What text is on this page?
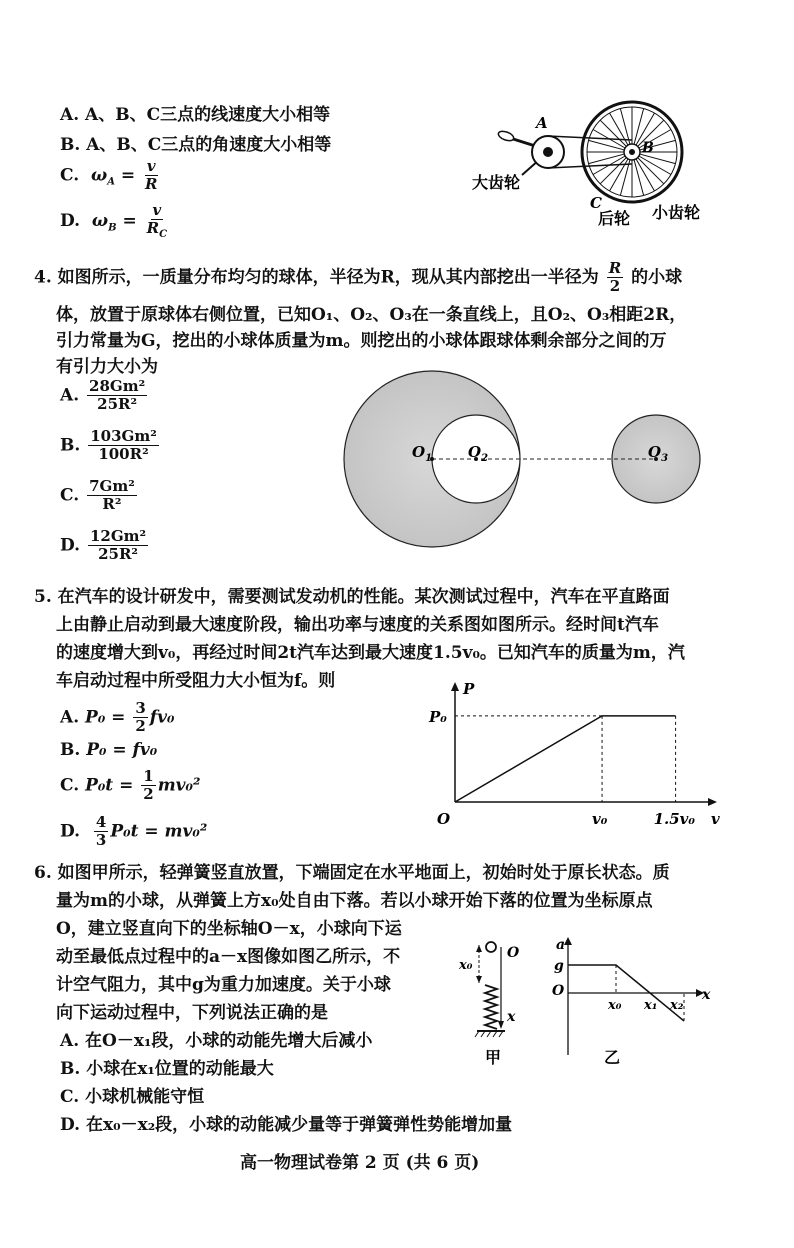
A. A、B、C三点的线速度大小相等
B. A、B、C三点的角速度大小相等
C. $\omega_A = \frac{v}{R}$
D. $\omega_B = \frac{v}{R_C}$
A
B
C
大齿轮
后轮 小齿轮
4. 如图所示，一质量分布均匀的球体，半径为R，现从其内部挖出一半径为 $\frac{R}{2}$ 的小球
体，放置于原球体右侧位置，已知O₁、O₂、O₃在一条直线上，且O₂、O₃相距2R，
引力常量为G，挖出的小球体质量为m。则挖出的小球体跟球体剩余部分之间的万
有引力大小为
A. $\frac{\text{28Gm²}}{\text{25R²}}$
B. $\frac{\text{103Gm²}}{\text{100R²}}$
C. $\frac{\text{7Gm²}}{\text{R²}}$
D. $\frac{\text{12Gm²}}{\text{25R²}}$
$O_1$ $O_2$	$O_3$
5. 在汽车的设计研发中，需要测试发动机的性能。某次测试过程中，汽车在平直路面
上由静止启动到最大速度阶段，输出功率与速度的关系图如图所示。经时间t汽车
的速度增大到v₀，再经过时间2t汽车达到最大速度1.5v₀。已知汽车的质量为m，汽
车启动过程中所受阻力大小恒为f。则
A. $P_0 = \frac{3}{2} fv_0$
B. P₀ = fv₀
C. $P_0t = \frac{1}{2} mv_0^2$
D. $\frac{4}{3} P_0t = mv_0^2$
P
v
O
P₀
v₀	1.5v₀
6. 如图甲所示，轻弹簧竖直放置，下端固定在水平地面上，初始时处于原长状态。质
量为m的小球，从弹簧上方x₀处自由下落。若以小球开始下落的位置为坐标原点
O，建立竖直向下的坐标轴O－x，小球向下运
动至最低点过程中的a－x图像如图乙所示，不
计空气阻力，其中g为重力加速度。关于小球
向下运动过程中，下列说法正确的是
A. 在O－x₁段，小球的动能先增大后减小
B. 小球在x₁位置的动能最大
C. 小球机械能守恒
D. 在x₀－x₂段，小球的动能减少量等于弹簧弹性势能增加量
x₀
O
x
甲
a
g
O
x₀ x₁ x₂
x
乙
高一物理试卷第 2 页 (共 6 页)
